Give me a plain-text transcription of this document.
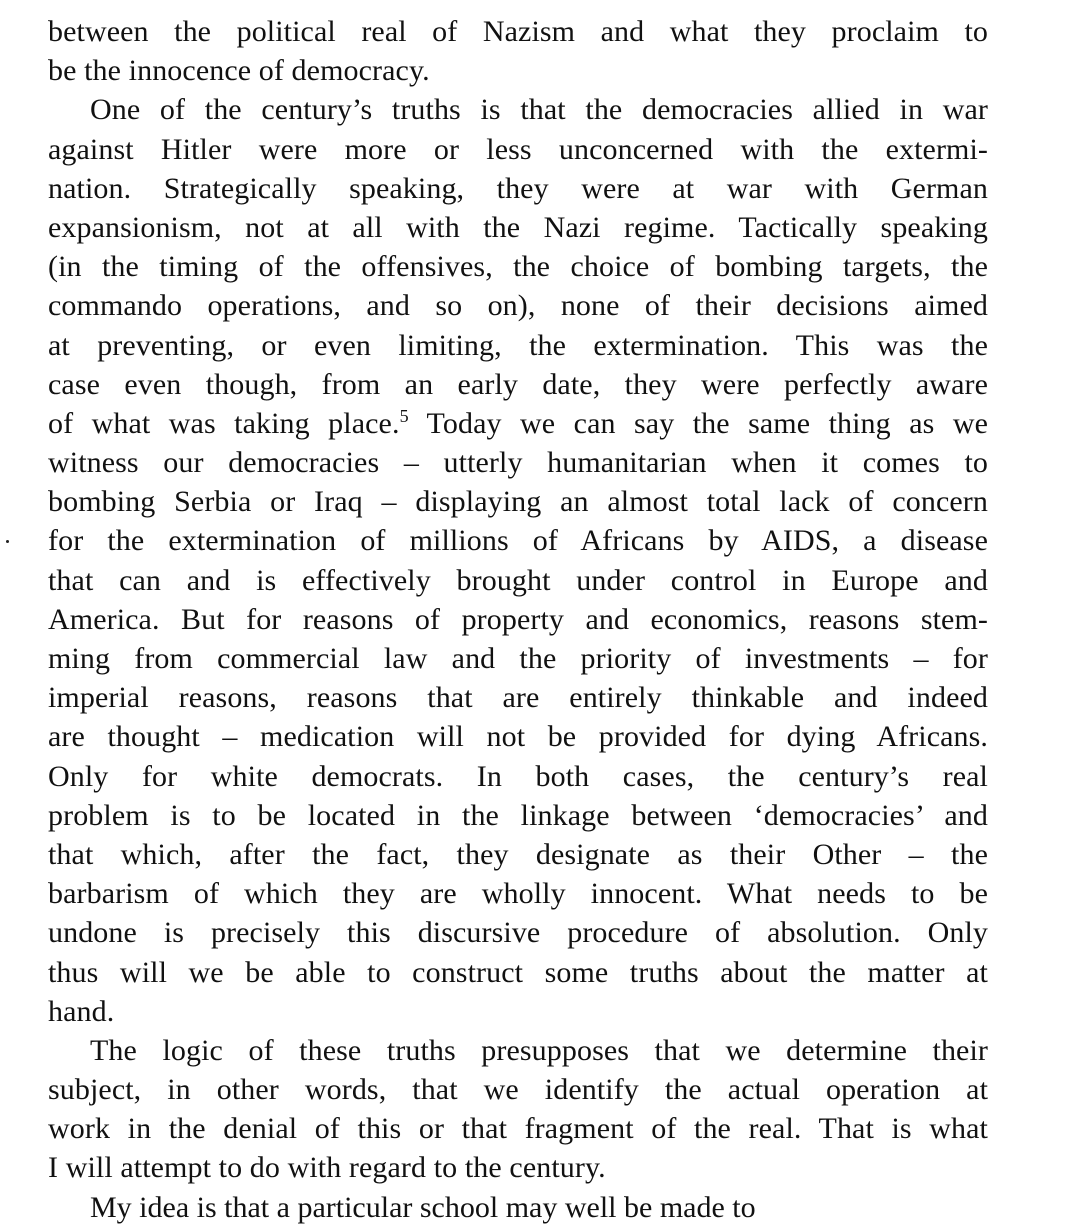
between the political real of Nazism and what they proclaim to
be the innocence of democracy.
One of the century’s truths is that the democracies allied in war
against Hitler were more or less unconcerned with the extermi-
nation. Strategically speaking, they were at war with German
expansionism, not at all with the Nazi regime. Tactically speaking
(in the timing of the offensives, the choice of bombing targets, the
commando operations, and so on), none of their decisions aimed
at preventing, or even limiting, the extermination. This was the
case even though, from an early date, they were perfectly aware
of what was taking place.$^5$ Today we can say the same thing as we
witness our democracies – utterly humanitarian when it comes to
bombing Serbia or Iraq – displaying an almost total lack of concern
for the extermination of millions of Africans by AIDS, a disease
that can and is effectively brought under control in Europe and
America. But for reasons of property and economics, reasons stem-
ming from commercial law and the priority of investments – for
imperial reasons, reasons that are entirely thinkable and indeed
are thought – medication will not be provided for dying Africans.
Only for white democrats. In both cases, the century’s real
problem is to be located in the linkage between ‘democracies’ and
that which, after the fact, they designate as their Other – the
barbarism of which they are wholly innocent. What needs to be
undone is precisely this discursive procedure of absolution. Only
thus will we be able to construct some truths about the matter at
hand.
The logic of these truths presupposes that we determine their
subject, in other words, that we identify the actual operation at
work in the denial of this or that fragment of the real. That is what
I will attempt to do with regard to the century.
My idea is that a particular school may well be made to
